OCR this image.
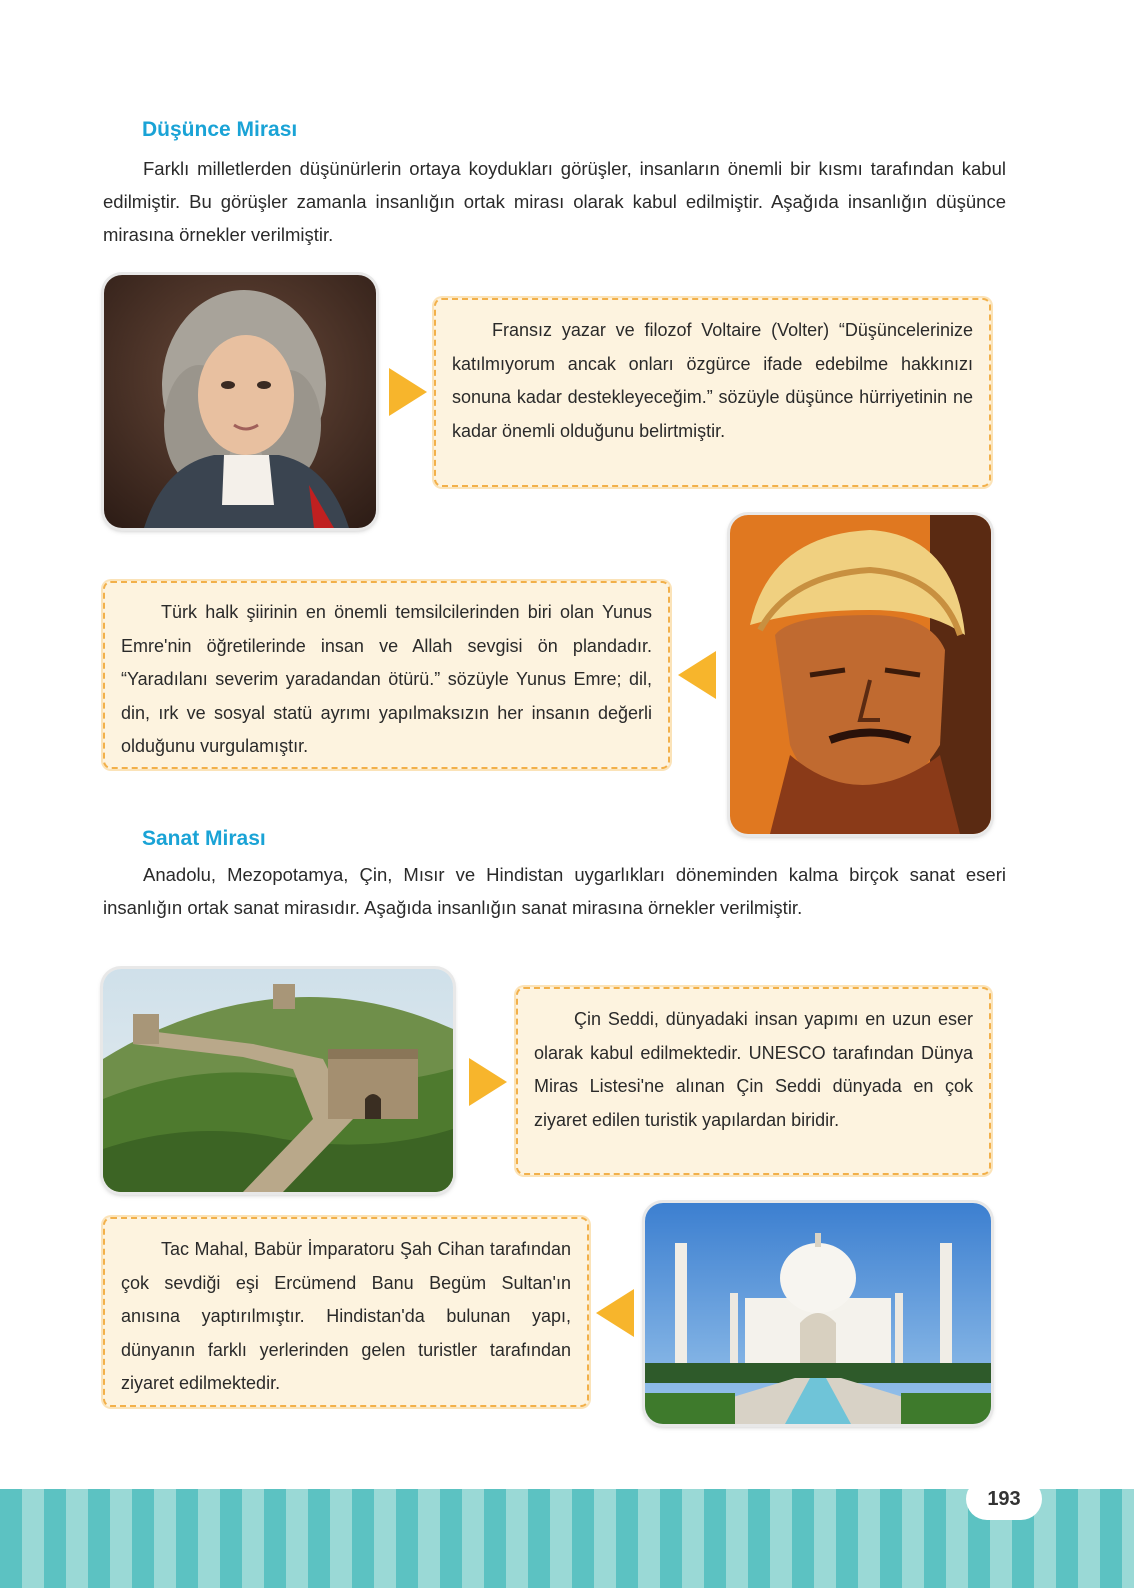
Düşünce Mirası

Farklı milletlerden düşünürlerin ortaya koydukları görüşler, insanların önemli bir kısmı tarafından kabul edilmiştir. Bu görüşler zamanla insanlığın ortak mirası olarak kabul edilmiştir. Aşağıda insanlığın düşünce mirasına örnekler verilmiştir.

Fransız yazar ve filozof Voltaire (Volter) “Düşüncelerinize katılmıyorum ancak onları özgürce ifade edebilme hakkınızı sonuna kadar destekleyeceğim.” sözüyle düşünce hürriyetinin ne kadar önemli olduğunu belirtmiştir.

Türk halk şiirinin en önemli temsilcilerinden biri olan Yunus Emre'nin öğretilerinde insan ve Allah sevgisi ön plandadır. “Yaradılanı severim yaradandan ötürü.” sözüyle Yunus Emre; dil, din, ırk ve sosyal statü ayrımı yapılmaksızın her insanın değerli olduğunu vurgulamıştır.

Sanat Mirası

Anadolu, Mezopotamya, Çin, Mısır ve Hindistan uygarlıkları döneminden kalma birçok sanat eseri insanlığın ortak sanat mirasıdır. Aşağıda insanlığın sanat mirasına örnekler verilmiştir.

Çin Seddi, dünyadaki insan yapımı en uzun eser olarak kabul edilmektedir. UNESCO tarafından Dünya Miras Listesi'ne alınan Çin Seddi dünyada en çok ziyaret edilen turistik yapılardan biridir.

Tac Mahal, Babür İmparatoru Şah Cihan tarafından çok sevdiği eşi Ercümend Banu Begüm Sultan'ın anısına yaptırılmıştır. Hindistan'da bulunan yapı, dünyanın farklı yerlerinden gelen turistler tarafından ziyaret edilmektedir.

193
